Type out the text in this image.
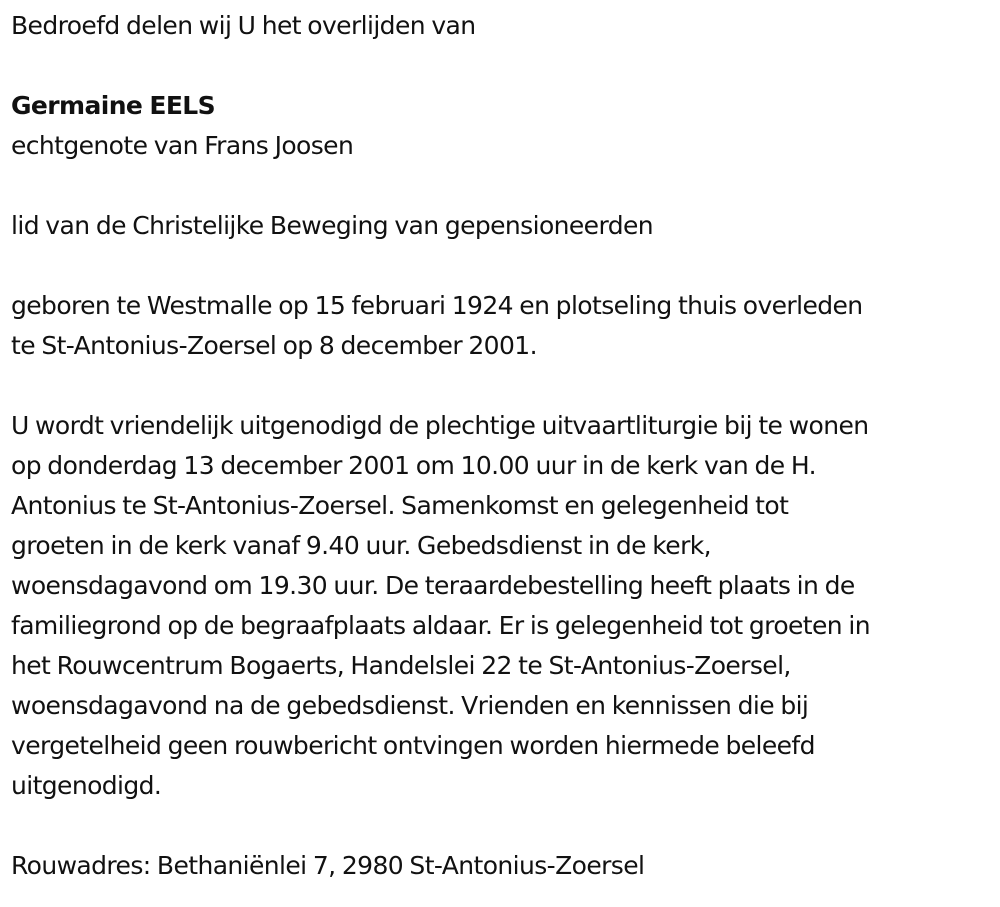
Bedroefd delen wij U het overlijden van

Germaine EELS

echtgenote van Frans Joosen

lid van de Christelijke Beweging van gepensioneerden

geboren te Westmalle op 15 februari 1924 en plotseling thuis overleden

te St-Antonius-Zoersel op 8 december 2001.

U wordt vriendelijk uitgenodigd de plechtige uitvaartliturgie bij te wonen

op donderdag 13 december 2001 om 10.00 uur in de kerk van de H.

Antonius te St-Antonius-Zoersel. Samenkomst en gelegenheid tot

groeten in de kerk vanaf 9.40 uur. Gebedsdienst in de kerk,

woensdagavond om 19.30 uur. De teraardebestelling heeft plaats in de

familiegrond op de begraafplaats aldaar. Er is gelegenheid tot groeten in

het Rouwcentrum Bogaerts, Handelslei 22 te St-Antonius-Zoersel,

woensdagavond na de gebedsdienst. Vrienden en kennissen die bij

vergetelheid geen rouwbericht ontvingen worden hiermede beleefd

uitgenodigd.

Rouwadres: Bethaniënlei 7, 2980 St-Antonius-Zoersel
